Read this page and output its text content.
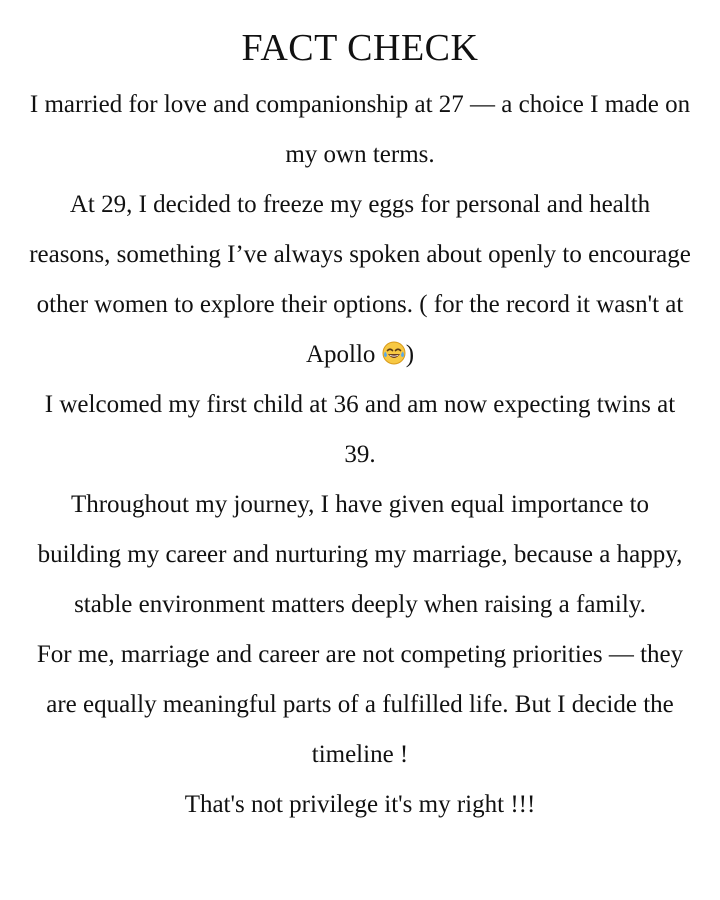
FACT CHECK

I married for love and companionship at 27 — a choice I made on my own terms.

At 29, I decided to freeze my eggs for personal and health reasons, something I’ve always spoken about openly to encourage other women to explore their options. ( for the record it wasn't at Apollo )

I welcomed my first child at 36 and am now expecting twins at 39.

Throughout my journey, I have given equal importance to building my career and nurturing my marriage, because a happy, stable environment matters deeply when raising a family.

For me, marriage and career are not competing priorities — they are equally meaningful parts of a fulfilled life. But I decide the timeline !

That's not privilege it's my right !!!
